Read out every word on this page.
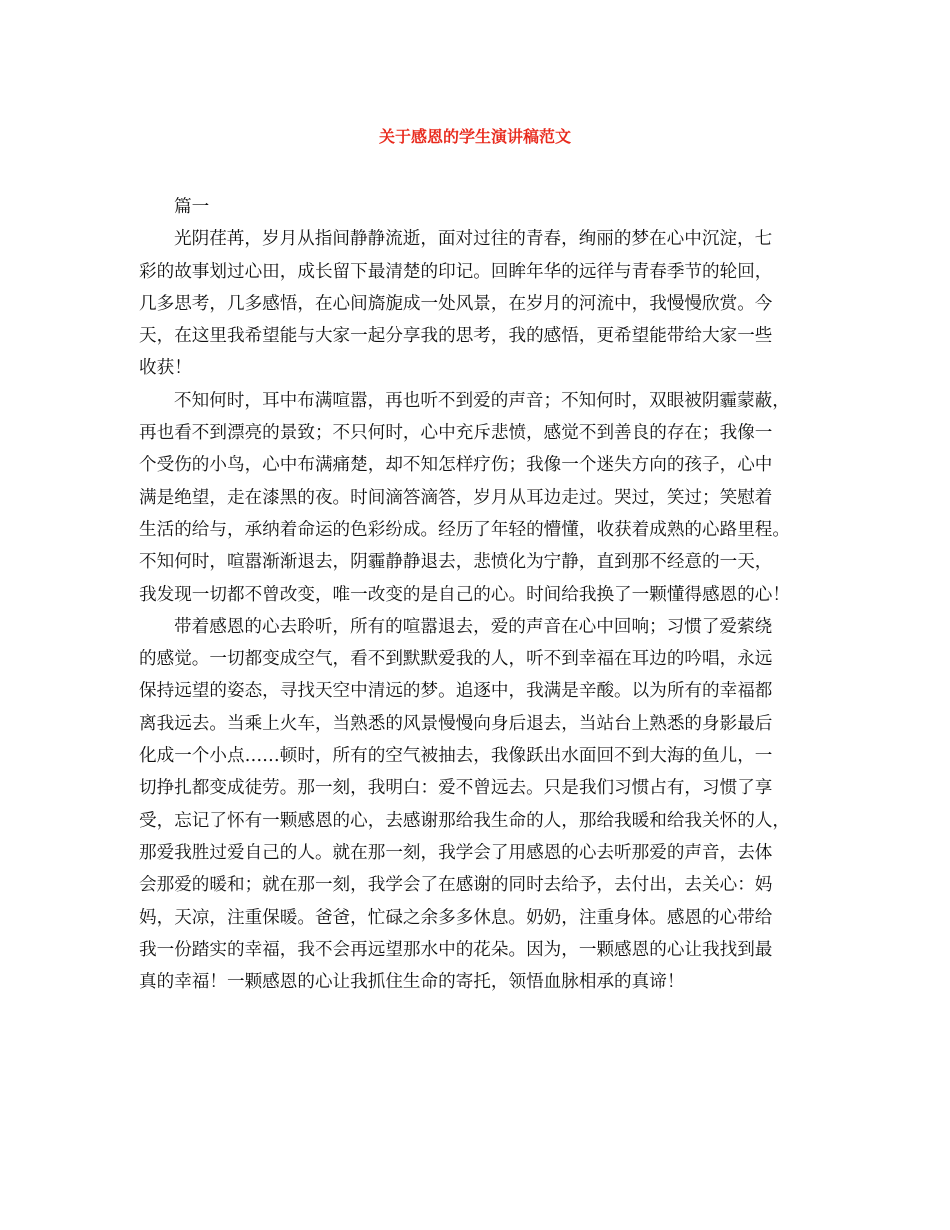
关于感恩的学生演讲稿范文
篇一
光阴荏苒，岁月从指间静静流逝，面对过往的青春，绚丽的梦在心中沉淀，七
彩的故事划过心田，成长留下最清楚的印记。回眸年华的远徉与青春季节的轮回，
几多思考，几多感悟，在心间旖旎成一处风景，在岁月的河流中，我慢慢欣赏。今
天，在这里我希望能与大家一起分享我的思考，我的感悟，更希望能带给大家一些
收获！
不知何时，耳中布满喧嚣，再也听不到爱的声音；不知何时，双眼被阴霾蒙蔽，
再也看不到漂亮的景致；不只何时，心中充斥悲愤，感觉不到善良的存在；我像一
个受伤的小鸟，心中布满痛楚，却不知怎样疗伤；我像一个迷失方向的孩子，心中
满是绝望，走在漆黑的夜。时间滴答滴答，岁月从耳边走过。哭过，笑过；笑慰着
生活的给与，承纳着命运的色彩纷成。经历了年轻的懵懂，收获着成熟的心路里程。
不知何时，喧嚣渐渐退去，阴霾静静退去，悲愤化为宁静，直到那不经意的一天，
我发现一切都不曾改变，唯一改变的是自己的心。时间给我换了一颗懂得感恩的心！
带着感恩的心去聆听，所有的喧嚣退去，爱的声音在心中回响；习惯了爱萦绕
的感觉。一切都变成空气，看不到默默爱我的人，听不到幸福在耳边的吟唱，永远
保持远望的姿态，寻找天空中清远的梦。追逐中，我满是辛酸。以为所有的幸福都
离我远去。当乘上火车，当熟悉的风景慢慢向身后退去，当站台上熟悉的身影最后
化成一个小点……顿时，所有的空气被抽去，我像跃出水面回不到大海的鱼儿，一
切挣扎都变成徒劳。那一刻，我明白：爱不曾远去。只是我们习惯占有，习惯了享
受，忘记了怀有一颗感恩的心，去感谢那给我生命的人，那给我暖和给我关怀的人，
那爱我胜过爱自己的人。就在那一刻，我学会了用感恩的心去听那爱的声音，去体
会那爱的暖和；就在那一刻，我学会了在感谢的同时去给予，去付出，去关心：妈
妈，天凉，注重保暖。爸爸，忙碌之余多多休息。奶奶，注重身体。感恩的心带给
我一份踏实的幸福，我不会再远望那水中的花朵。因为，一颗感恩的心让我找到最
真的幸福！一颗感恩的心让我抓住生命的寄托，领悟血脉相承的真谛！
